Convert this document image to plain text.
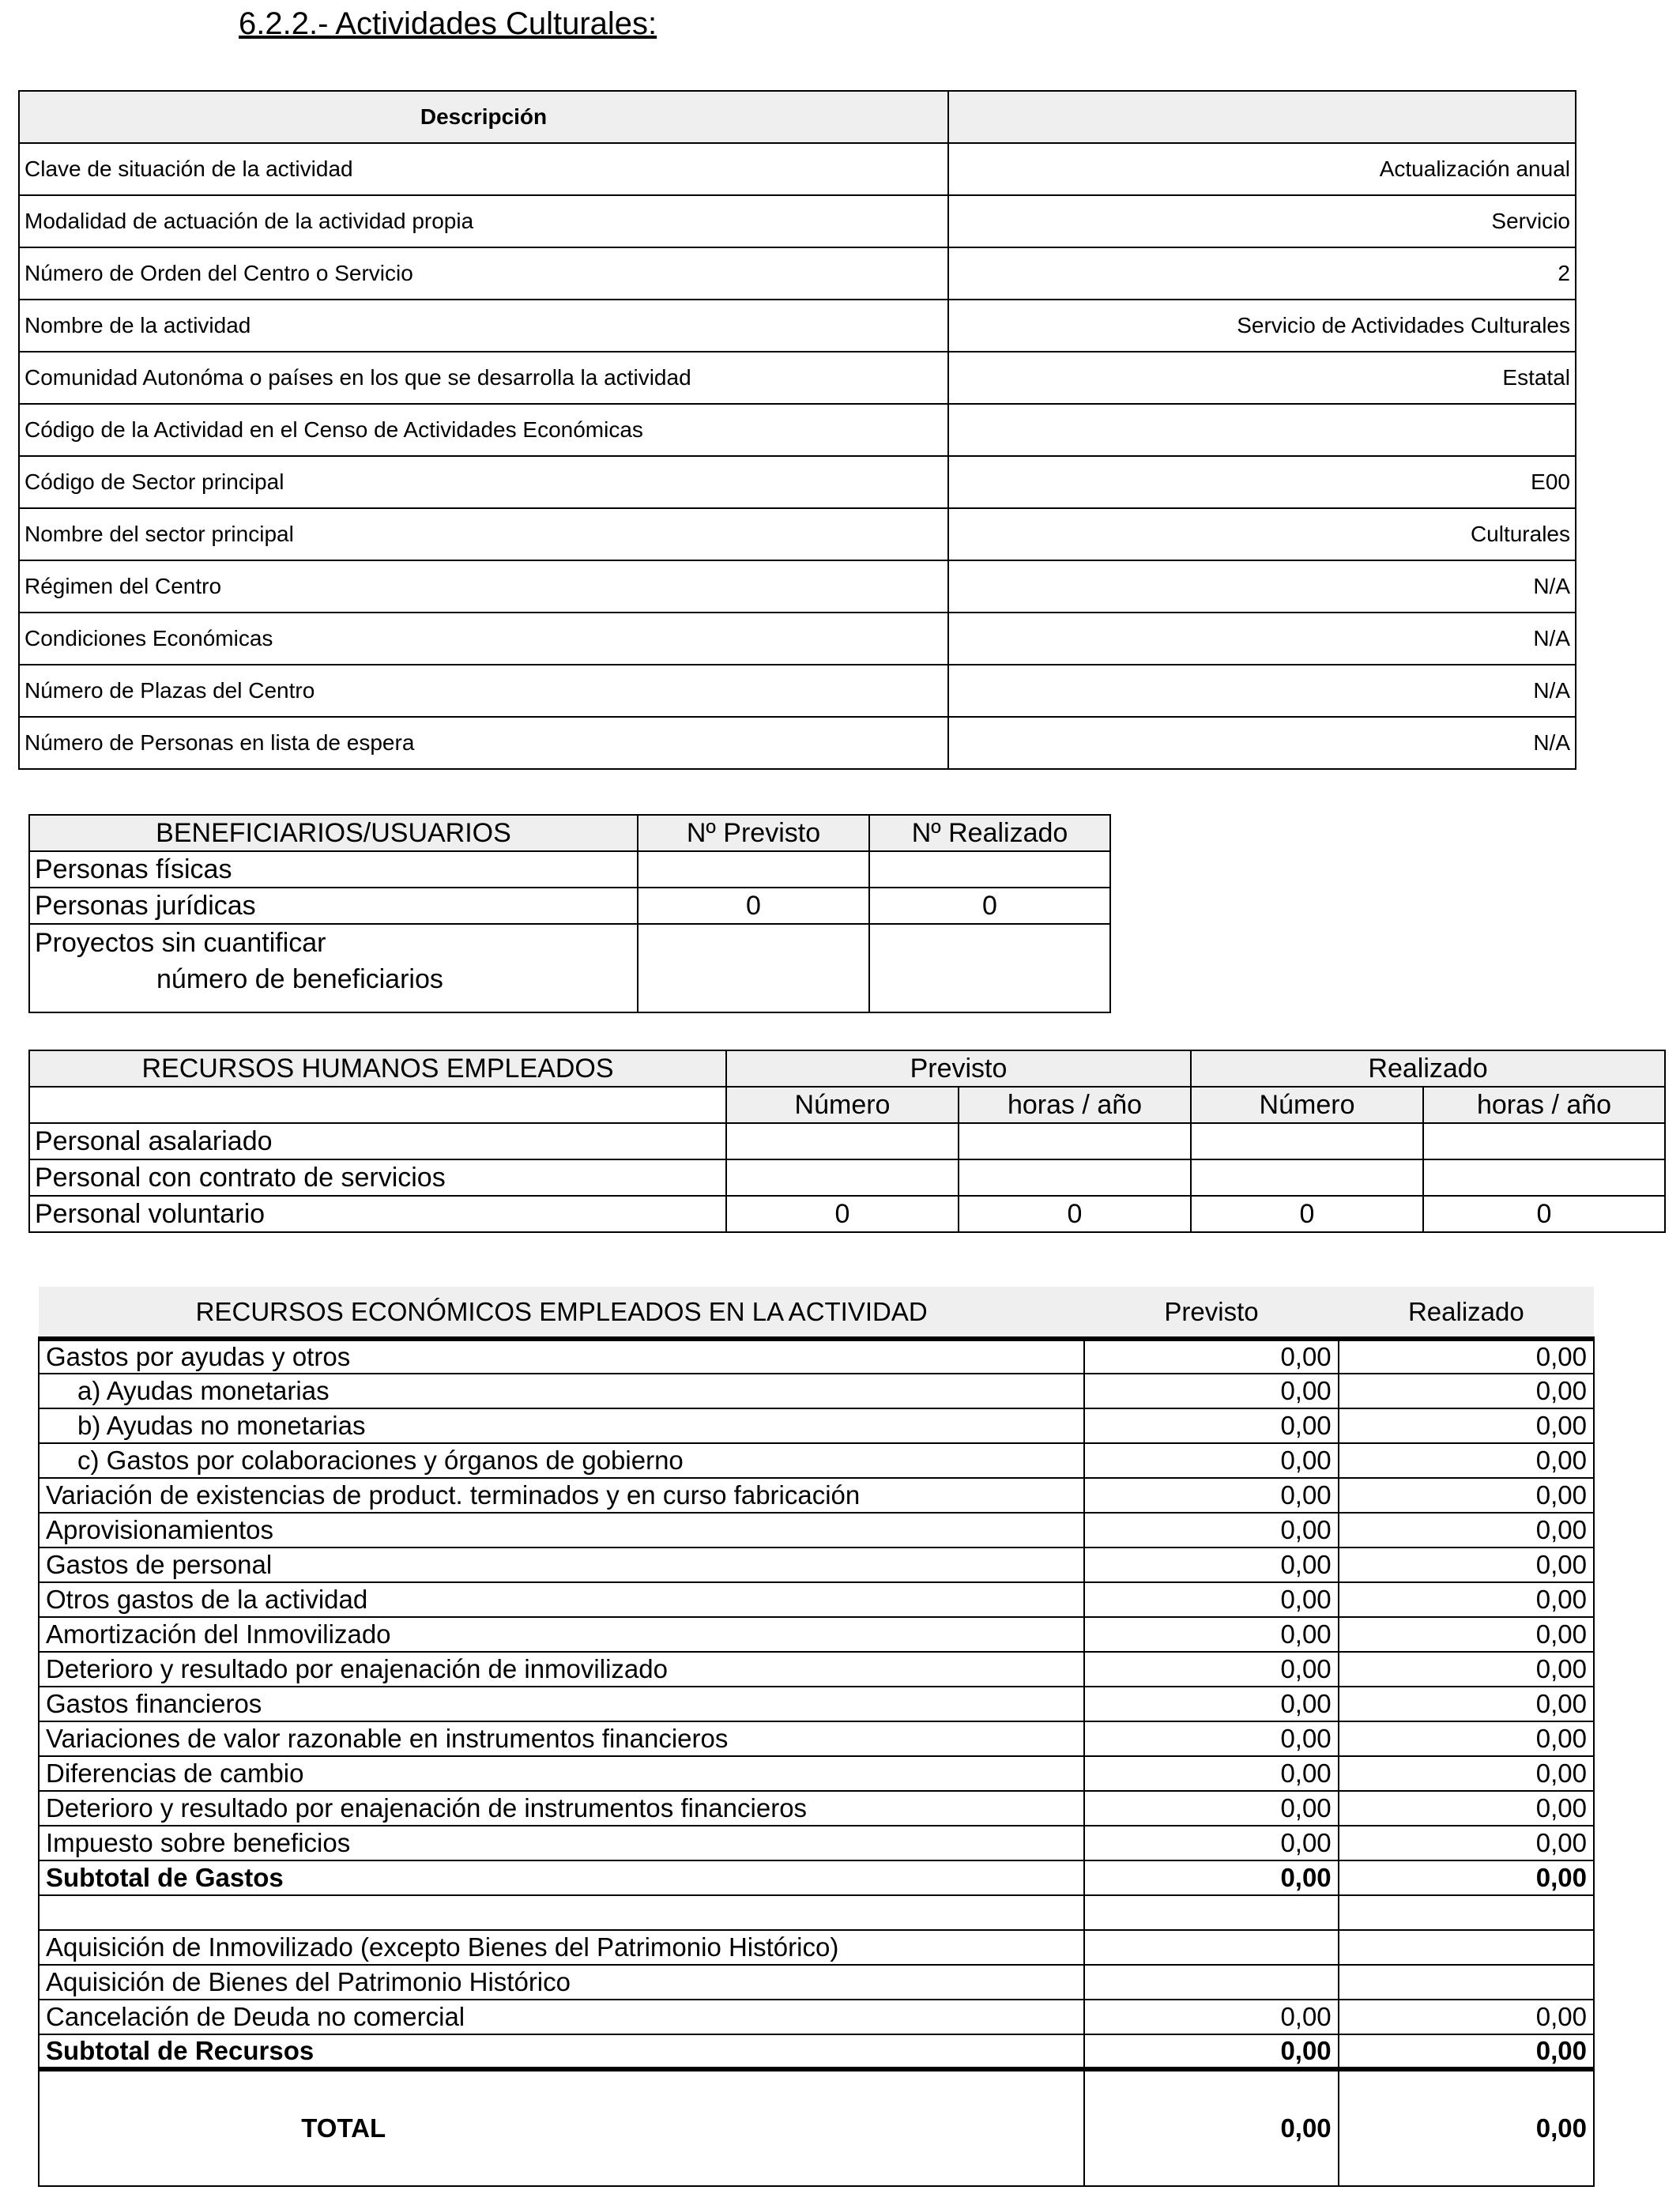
6.2.2.- Actividades Culturales:
Descripción	
Clave de situación de la actividad	Actualización anual
Modalidad de actuación de la actividad propia	Servicio
Número de Orden del Centro o Servicio	2
Nombre de la actividad	Servicio de Actividades Culturales
Comunidad Autonóma o países en los que se desarrolla la actividad	Estatal
Código de la Actividad en el Censo de Actividades Económicas	
Código de Sector principal	E00
Nombre del sector principal	Culturales
Régimen del Centro	N/A
Condiciones Económicas	N/A
Número de Plazas del Centro	N/A
Número de Personas en lista de espera	N/A
BENEFICIARIOS/USUARIOS	Nº Previsto	Nº Realizado
Personas físicas		
Personas jurídicas	0	0

Proyectos sin cuantificar
número de beneficiarios		

RECURSOS HUMANOS EMPLEADOS	Previsto		Realizado	
	Número	horas / año	Número	horas / año
Personal asalariado				
Personal con contrato de servicios				
Personal voluntario	0	0	0	0
RECURSOS ECONÓMICOS EMPLEADOS EN LA ACTIVIDAD	Previsto	Realizado
Gastos por ayudas y otros	0,00	0,00
a) Ayudas monetarias	0,00	0,00
b) Ayudas no monetarias	0,00	0,00
c) Gastos por colaboraciones y órganos de gobierno	0,00	0,00
Variación de existencias de product. terminados y en curso fabricación	0,00	0,00
Aprovisionamientos	0,00	0,00
Gastos de personal	0,00	0,00
Otros gastos de la actividad	0,00	0,00
Amortización del Inmovilizado	0,00	0,00
Deterioro y resultado por enajenación de inmovilizado	0,00	0,00
Gastos financieros	0,00	0,00
Variaciones de valor razonable en instrumentos financieros	0,00	0,00
Diferencias de cambio	0,00	0,00
Deterioro y resultado por enajenación de instrumentos financieros	0,00	0,00
Impuesto sobre beneficios	0,00	0,00
Subtotal de Gastos	0,00	0,00

Aquisición de Inmovilizado (excepto Bienes del Patrimonio Histórico)		
Aquisición de Bienes del Patrimonio Histórico		
Cancelación de Deuda no comercial	0,00	0,00
Subtotal de Recursos	0,00	0,00
TOTAL	0,00	0,00
